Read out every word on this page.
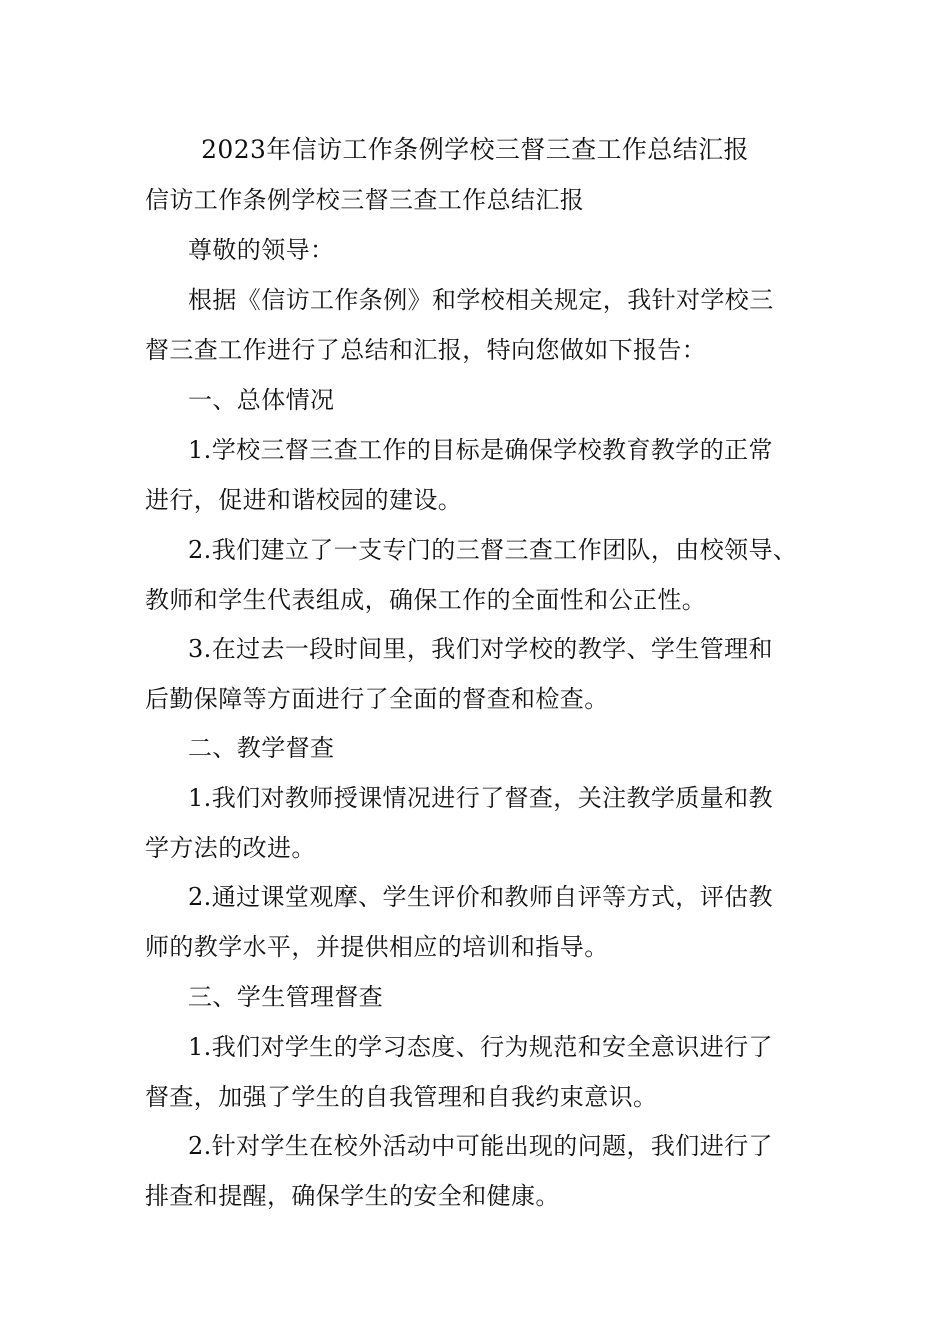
2023年信访工作条例学校三督三查工作总结汇报
信访工作条例学校三督三查工作总结汇报
尊敬的领导：
根据《信访工作条例》和学校相关规定，我针对学校三
督三查工作进行了总结和汇报，特向您做如下报告：
一、总体情况
1.学校三督三查工作的目标是确保学校教育教学的正常
进行，促进和谐校园的建设。
2.我们建立了一支专门的三督三查工作团队，由校领导、
教师和学生代表组成，确保工作的全面性和公正性。
3.在过去一段时间里，我们对学校的教学、学生管理和
后勤保障等方面进行了全面的督查和检查。
二、教学督查
1.我们对教师授课情况进行了督查，关注教学质量和教
学方法的改进。
2.通过课堂观摩、学生评价和教师自评等方式，评估教
师的教学水平，并提供相应的培训和指导。
三、学生管理督查
1.我们对学生的学习态度、行为规范和安全意识进行了
督查，加强了学生的自我管理和自我约束意识。
2.针对学生在校外活动中可能出现的问题，我们进行了
排查和提醒，确保学生的安全和健康。
